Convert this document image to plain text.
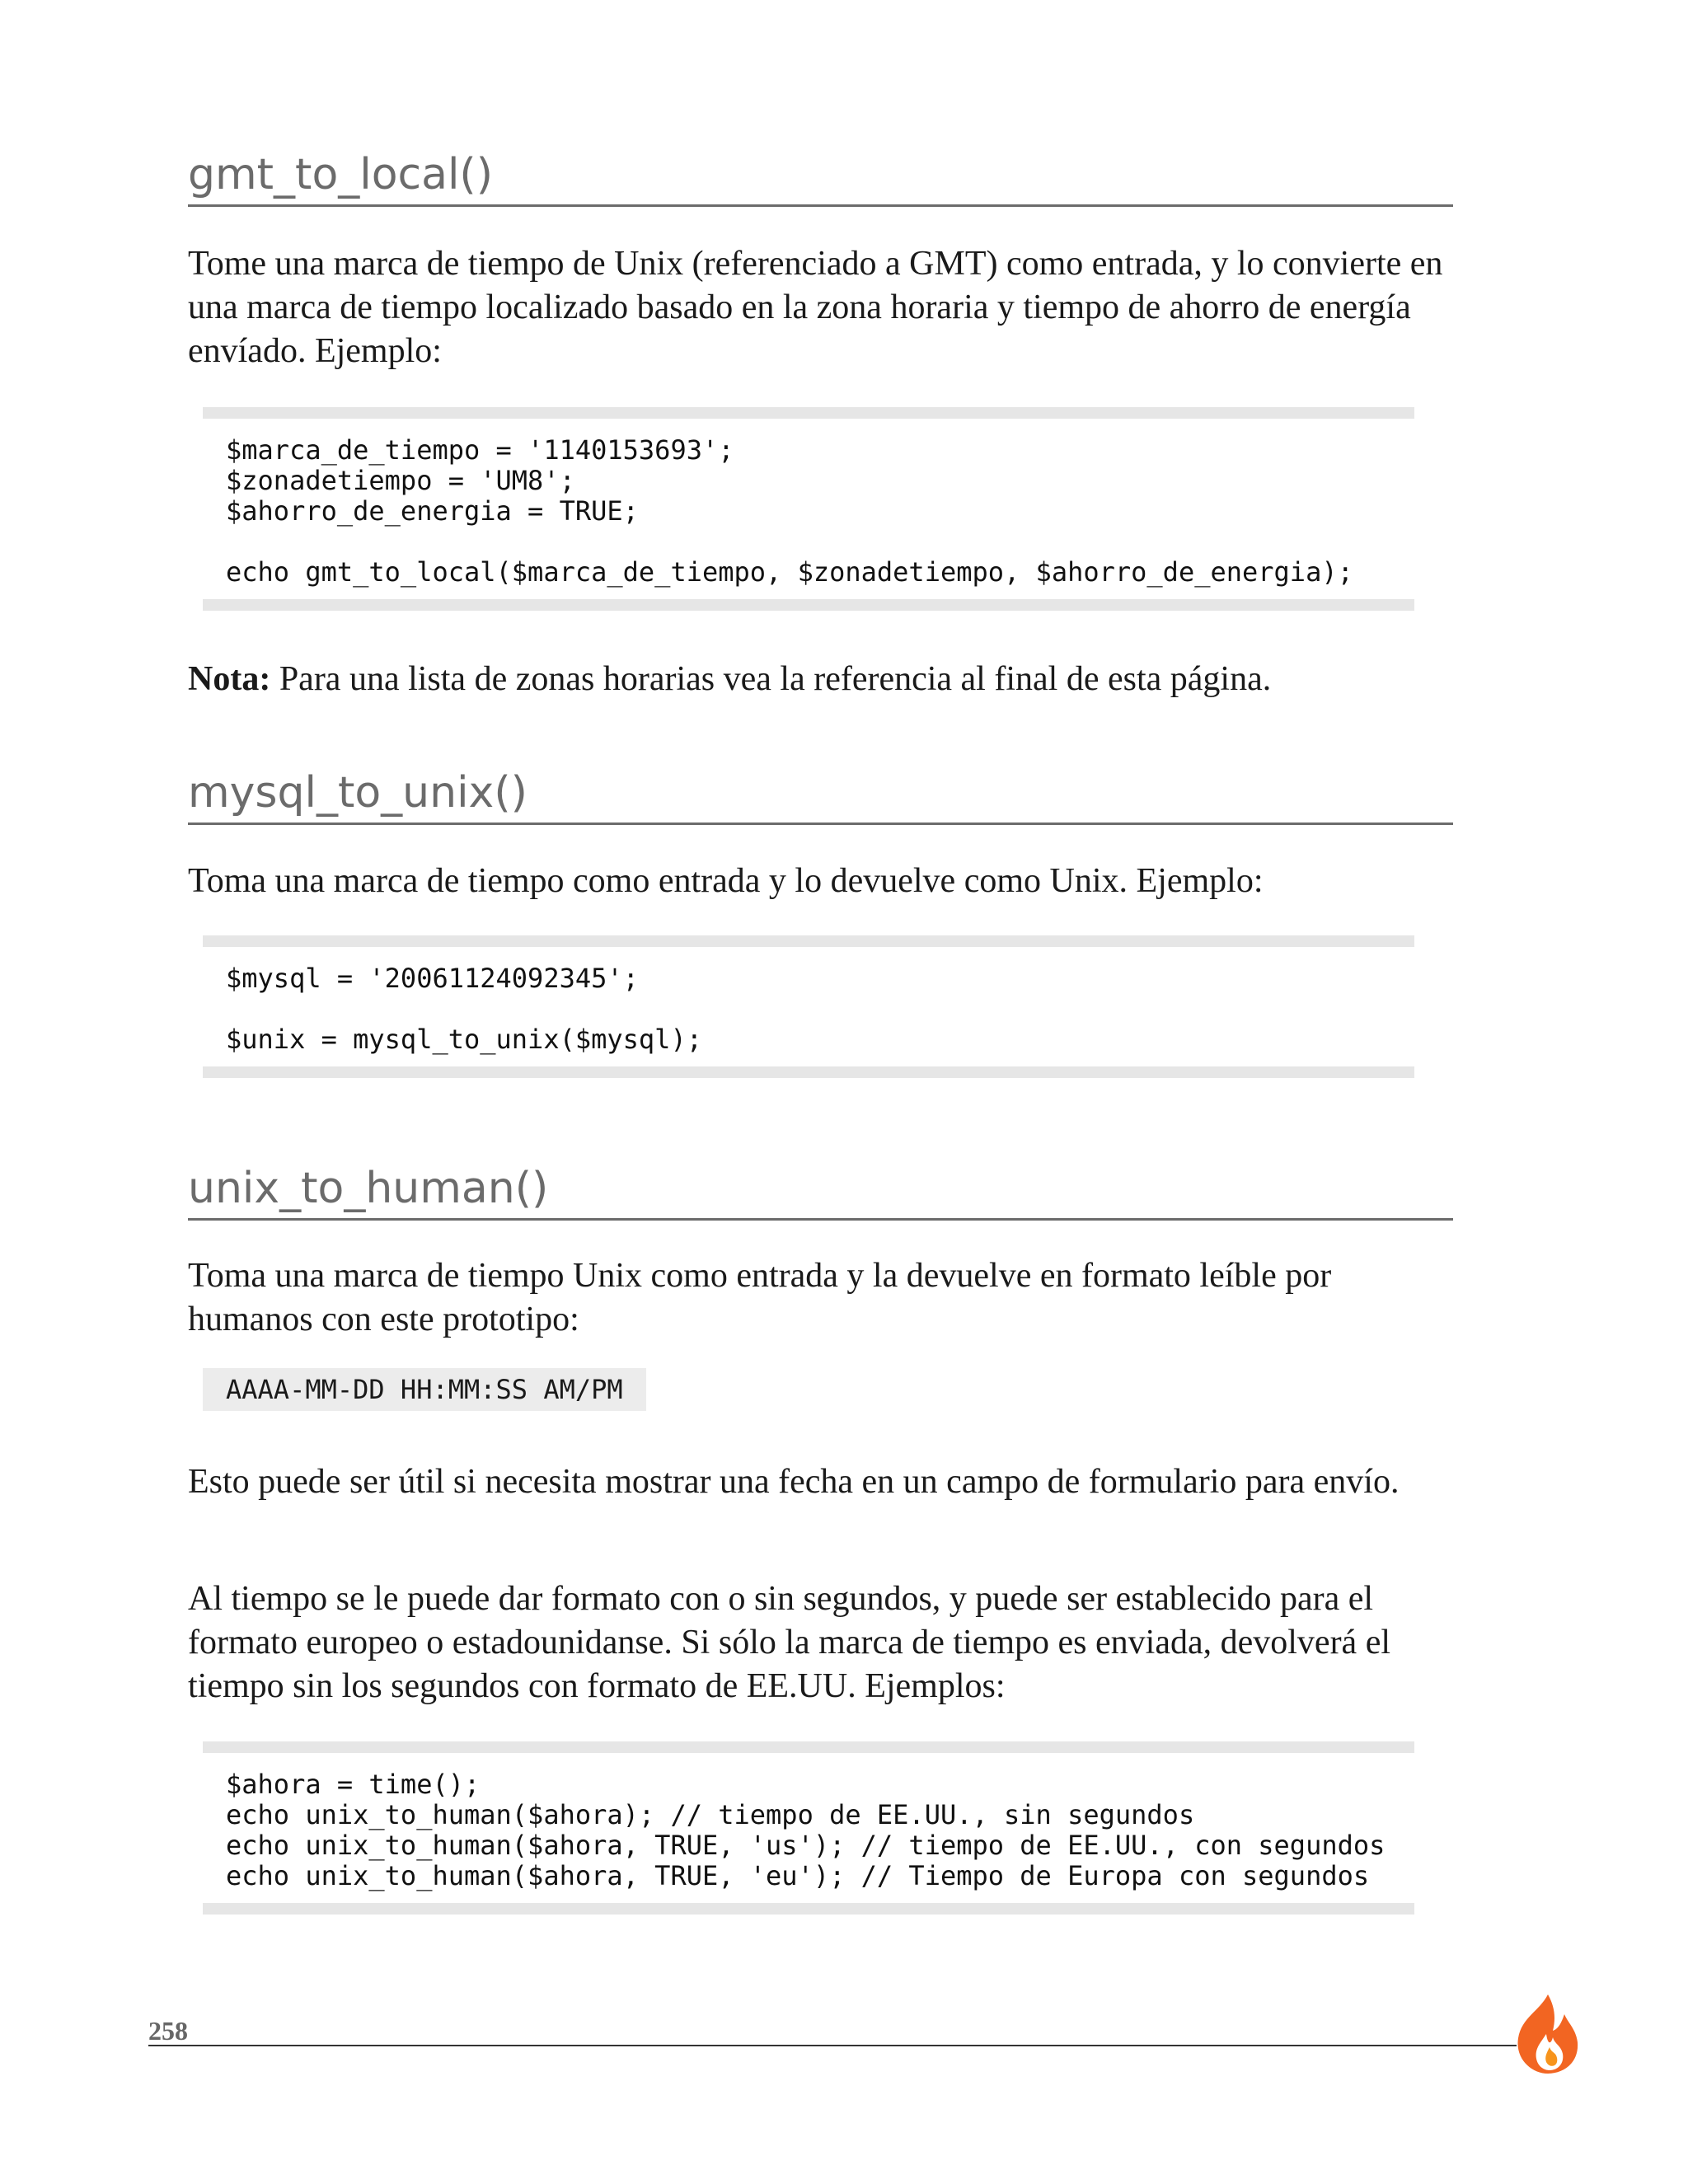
gmt_to_local()

Tome una marca de tiempo de Unix (referenciado a GMT) como entrada, y lo convierte en una marca de tiempo localizado basado en la zona horaria y tiempo de ahorro de energía envíado. Ejemplo:

$marca_de_tiempo = '1140153693';
$zonadetiempo = 'UM8';
$ahorro_de_energia = TRUE;
echo gmt_to_local($marca_de_tiempo, $zonadetiempo, $ahorro_de_energia);

Nota: Para una lista de zonas horarias vea la referencia al final de esta página.

mysql_to_unix()

Toma una marca de tiempo como entrada y lo devuelve como Unix. Ejemplo:

$mysql = '20061124092345';
$unix = mysql_to_unix($mysql);
unix_to_human()

Toma una marca de tiempo Unix como entrada y la devuelve en formato leíble por humanos con este prototipo:

AAAA-MM-DD HH:MM:SS AM/PM

Esto puede ser útil si necesita mostrar una fecha en un campo de formulario para envío.

Al tiempo se le puede dar formato con o sin segundos, y puede ser establecido para el formato europeo o estadounidanse. Si sólo la marca de tiempo es enviada, devolverá el tiempo sin los segundos con formato de EE.UU. Ejemplos:

$ahora = time();
echo unix_to_human($ahora); // tiempo de EE.UU., sin segundos
echo unix_to_human($ahora, TRUE, 'us'); // tiempo de EE.UU., con segundos
echo unix_to_human($ahora, TRUE, 'eu'); // Tiempo de Europa con segundos
258
